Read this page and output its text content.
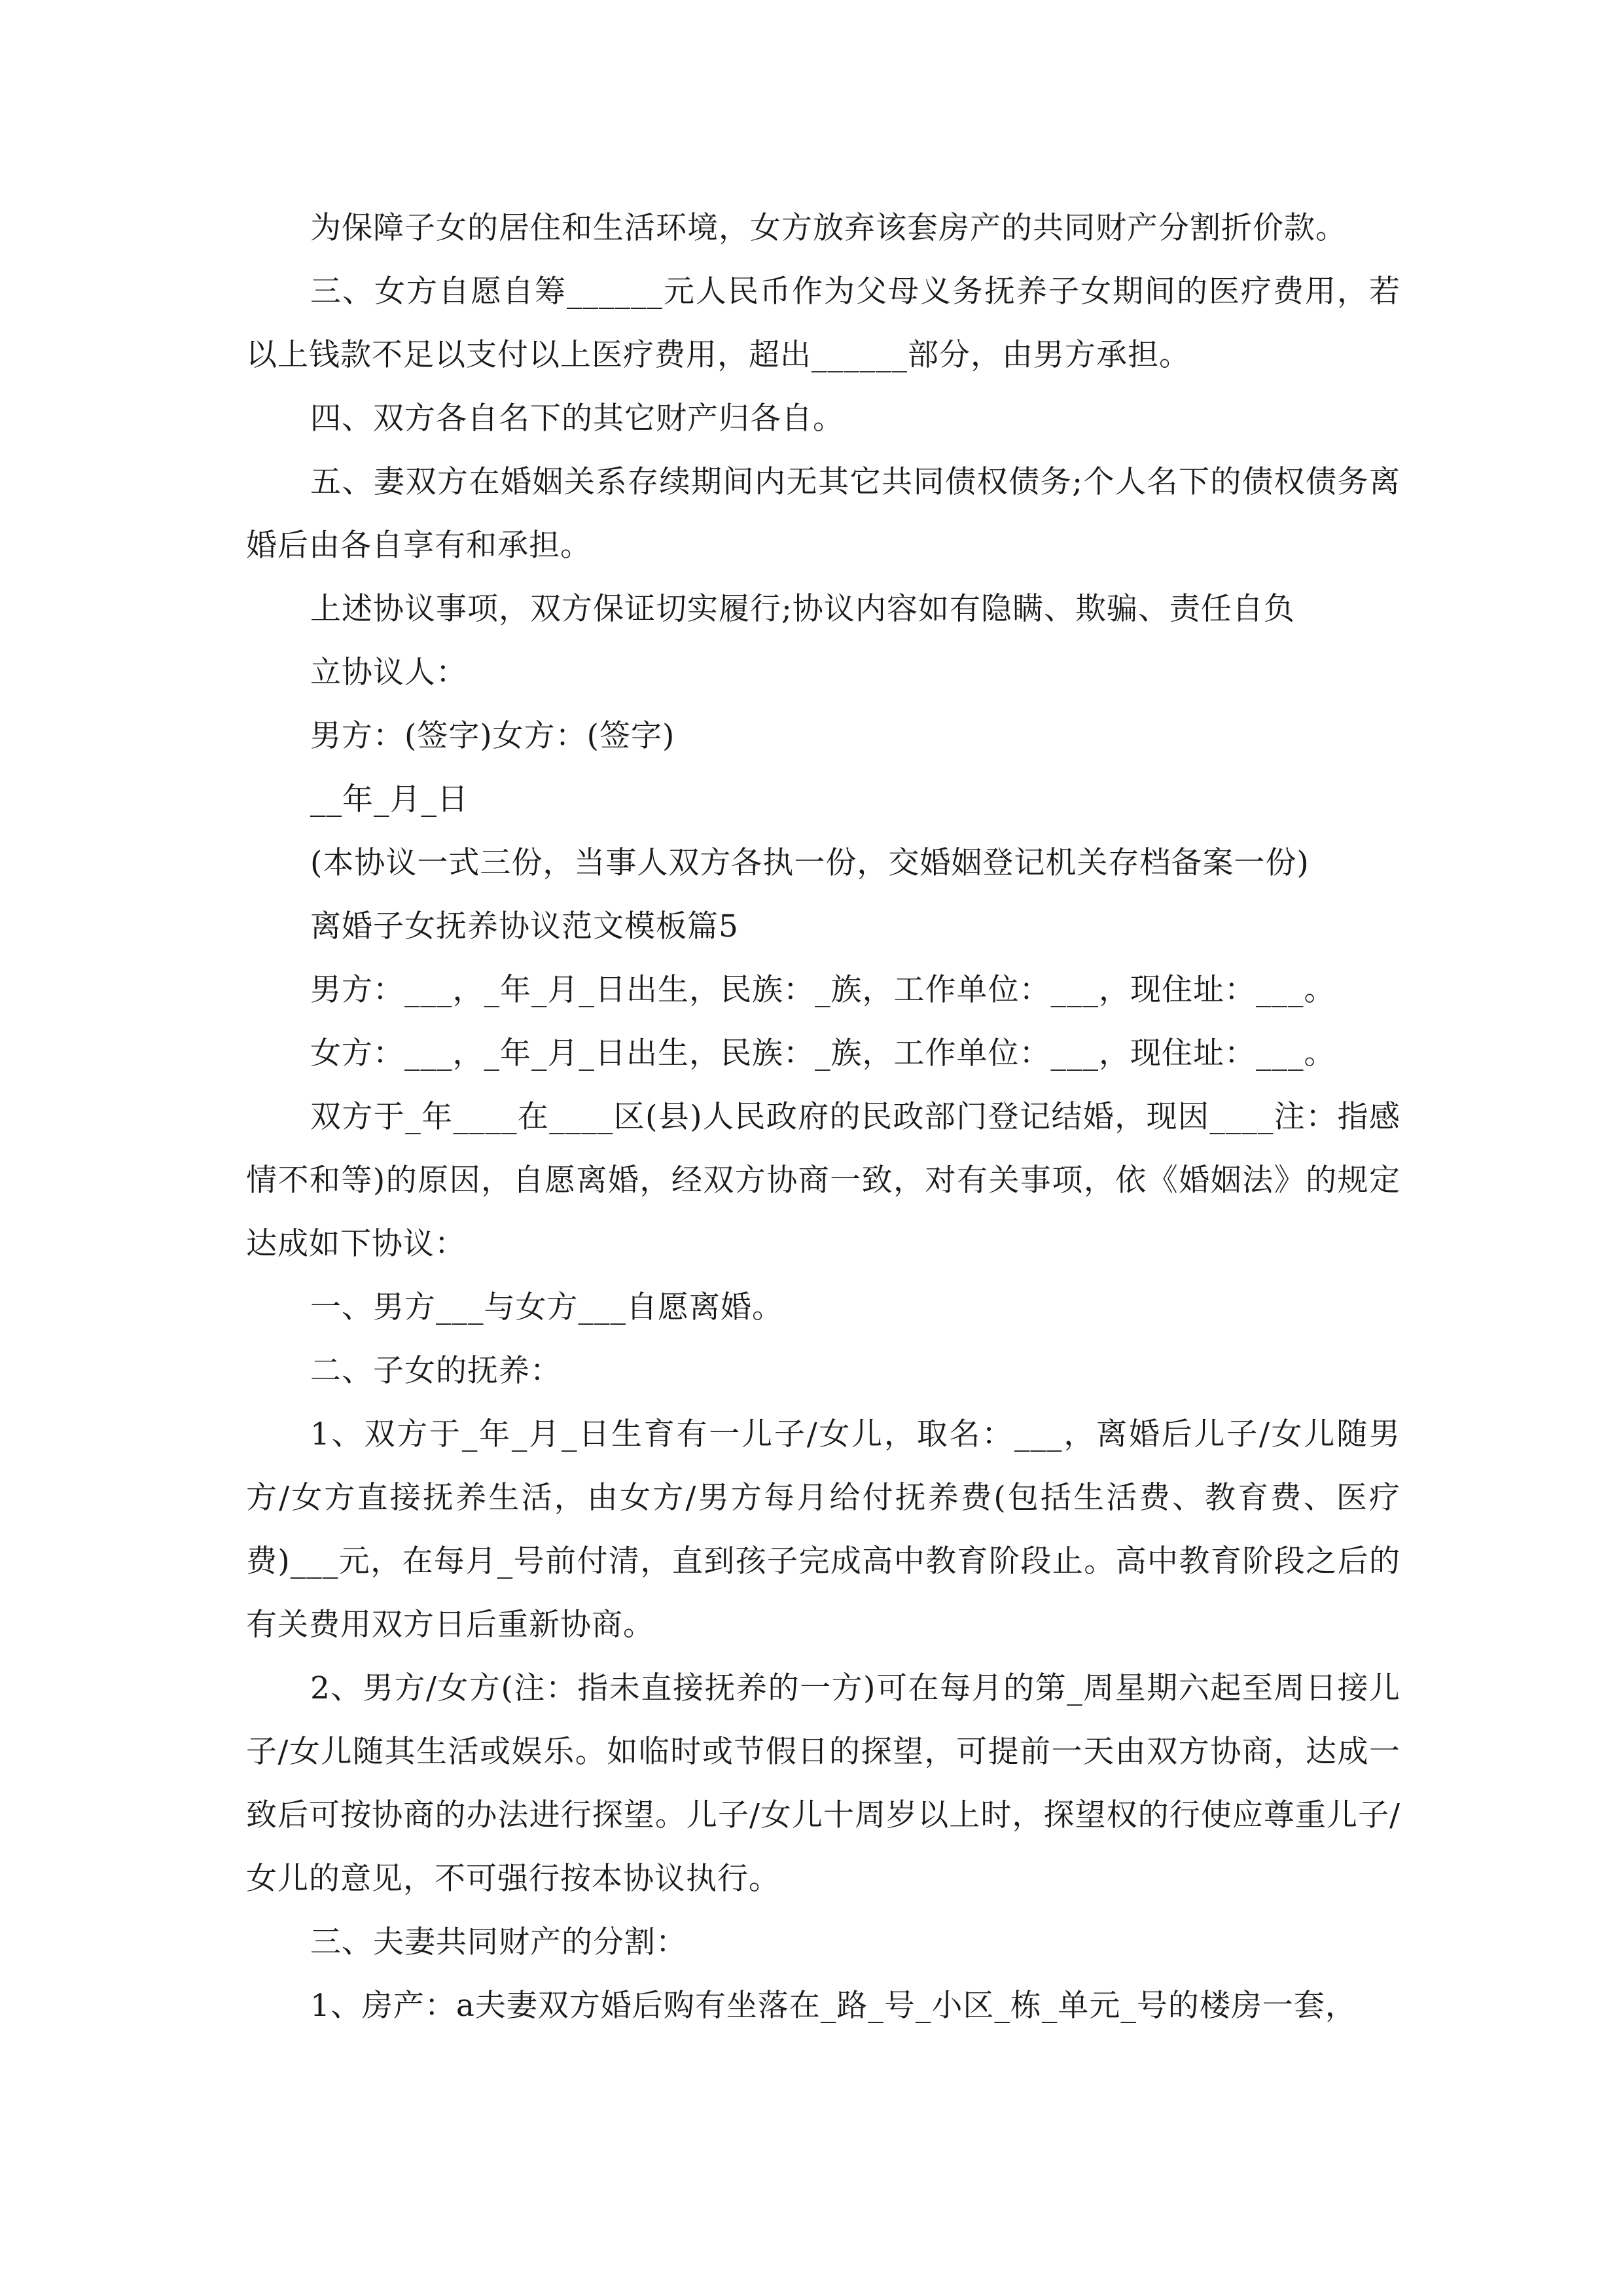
为保障子女的居住和生活环境，女方放弃该套房产的共同财产分割折价款。

三、女方自愿自筹______元人民币作为父母义务抚养子女期间的医疗费用，若以上钱款不足以支付以上医疗费用，超出______部分，由男方承担。

四、双方各自名下的其它财产归各自。

五、妻双方在婚姻关系存续期间内无其它共同债权债务;个人名下的债权债务离婚后由各自享有和承担。

上述协议事项，双方保证切实履行;协议内容如有隐瞒、欺骗、责任自负

立协议人：

男方：(签字)女方：(签字)

__年_月_日

(本协议一式三份，当事人双方各执一份，交婚姻登记机关存档备案一份)

离婚子女抚养协议范文模板篇5

男方：___，_年_月_日出生，民族：_族，工作单位：___，现住址：___。

女方：___，_年_月_日出生，民族：_族，工作单位：___，现住址：___。

双方于_年____在____区(县)人民政府的民政部门登记结婚，现因____注：指感情不和等)的原因，自愿离婚，经双方协商一致，对有关事项，依《婚姻法》的规定达成如下协议：

一、男方___与女方___自愿离婚。

二、子女的抚养：

1、双方于_年_月_日生育有一儿子/女儿，取名：___，离婚后儿子/女儿随男方/女方直接抚养生活，由女方/男方每月给付抚养费(包括生活费、教育费、医疗费)___元，在每月_号前付清，直到孩子完成高中教育阶段止。高中教育阶段之后的有关费用双方日后重新协商。

2、男方/女方(注：指未直接抚养的一方)可在每月的第_周星期六起至周日接儿子/女儿随其生活或娱乐。如临时或节假日的探望，可提前一天由双方协商，达成一致后可按协商的办法进行探望。儿子/女儿十周岁以上时，探望权的行使应尊重儿子/女儿的意见，不可强行按本协议执行。

三、夫妻共同财产的分割：

1、房产：a夫妻双方婚后购有坐落在_路_号_小区_栋_单元_号的楼房一套，
